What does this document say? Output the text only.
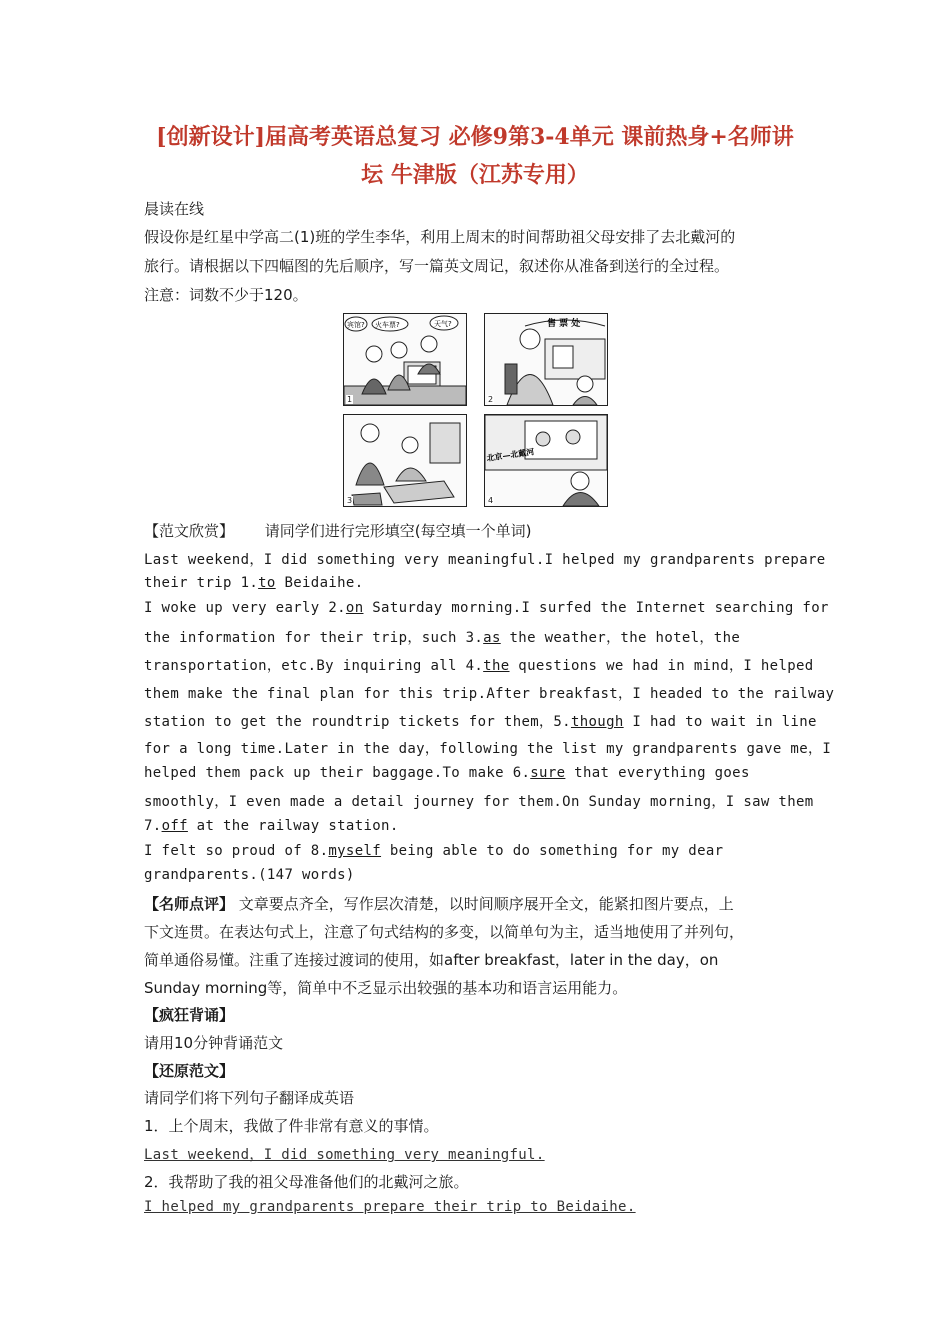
[创新设计]届高考英语总复习 必修9第3-4单元 课前热身+名师讲
坛 牛津版（江苏专用）
晨读在线
假设你是红星中学高二(1)班的学生李华，利用上周末的时间帮助祖父母安排了去北戴河的
旅行。请根据以下四幅图的先后顺序，写一篇英文周记，叙述你从准备到送行的全过程。
注意：词数不少于120。
宾馆? 火车票?	天气?
1
售 票 处
2
3
北京—北戴河
4
【范文欣赏】 请同学们进行完形填空(每空填一个单词)
Last weekend，I did something very meaningful.I helped my grandparents prepare
their trip 1.to Beidaihe.
I woke up very early 2.on Saturday morning.I surfed the Internet searching for
the information for their trip，such 3.as the weather，the hotel，the
transportation，etc.By inquiring all 4.the questions we had in mind，I helped
them make the final plan for this trip.After breakfast，I headed to the railway
station to get the roundtrip tickets for them，5.though I had to wait in line
for a long time.Later in the day，following the list my grandparents gave me，I
helped them pack up their baggage.To make 6.sure that everything goes
smoothly，I even made a detail journey for them.On Sunday morning，I saw them
7.off at the railway station.
I felt so proud of 8.myself being able to do something for my dear
grandparents.(147 words)
【名师点评】 文章要点齐全，写作层次清楚，以时间顺序展开全文，能紧扣图片要点，上
下文连贯。在表达句式上，注意了句式结构的多变，以简单句为主，适当地使用了并列句，
简单通俗易懂。注重了连接过渡词的使用，如after breakfast，later in the day，on
Sunday morning等，简单中不乏显示出较强的基本功和语言运用能力。
【疯狂背诵】
请用10分钟背诵范文
【还原范文】
请同学们将下列句子翻译成英语
1．上个周末，我做了件非常有意义的事情。
Last weekend，I did something very meaningful.
2．我帮助了我的祖父母准备他们的北戴河之旅。
I helped my grandparents prepare their trip to Beidaihe.
